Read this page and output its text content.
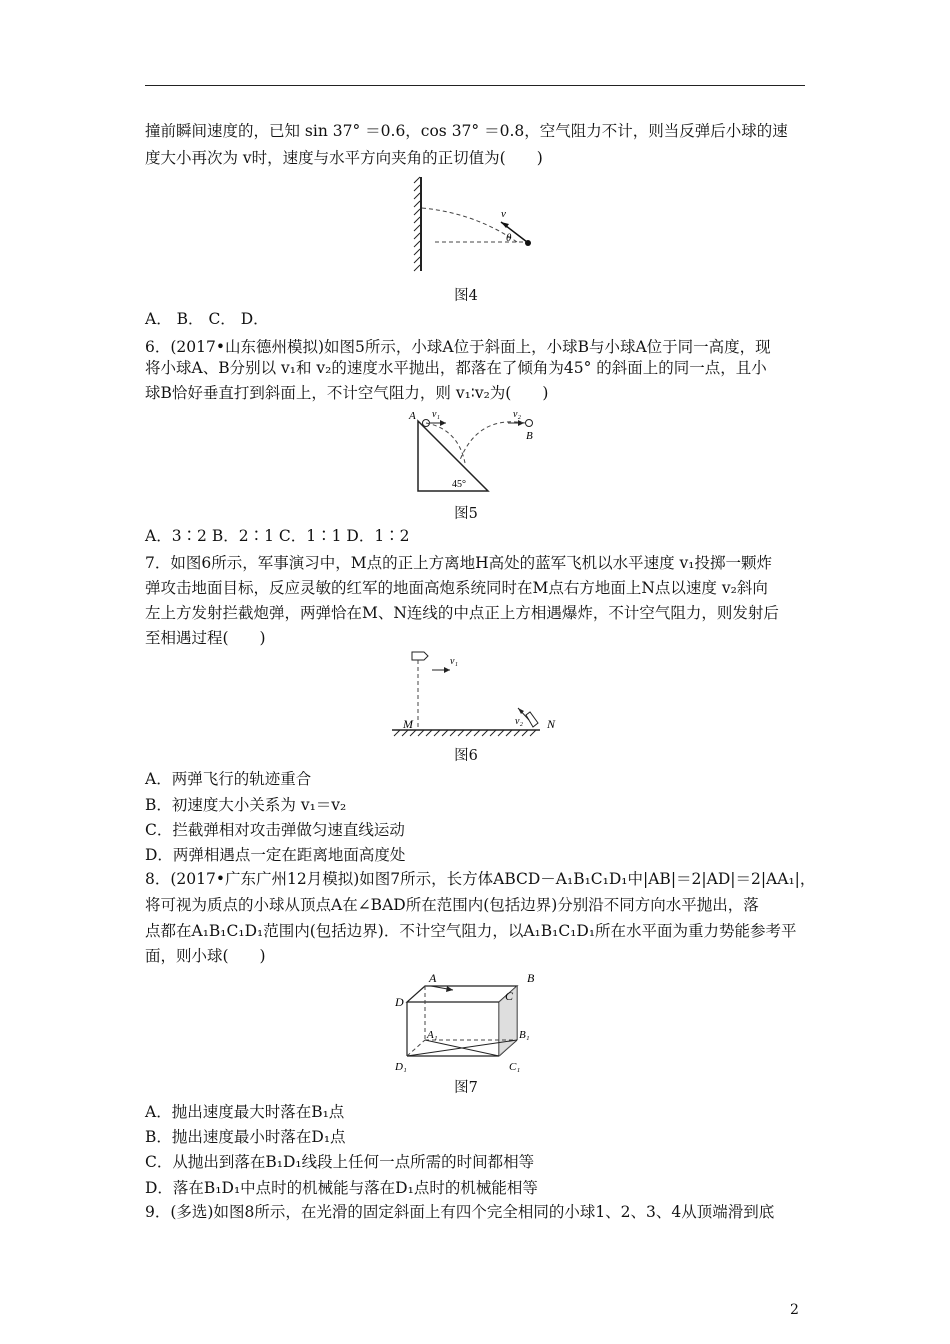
撞前瞬间速度的，已知 sin 37° ＝0.6，cos 37° ＝0.8，空气阻力不计，则当反弹后小球的速
度大小再次为 v时，速度与水平方向夹角的正切值为(　　)
v
θ
图4
A． B． C． D．
6．(2017•山东德州模拟)如图5所示，小球A位于斜面上，小球B与小球A位于同一高度，现
将小球A、B分别以 v₁和 v₂的速度水平抛出，都落在了倾角为45° 的斜面上的同一点，且小
球B恰好垂直打到斜面上，不计空气阻力，则 v₁∶v₂为(　　)
A
B
v₁	v₂
45°
图5
A．3∶2 B．2∶1 C．1∶1 D．1∶2
7．如图6所示，军事演习中，M点的正上方离地H高处的蓝军飞机以水平速度 v₁投掷一颗炸
弹攻击地面目标，反应灵敏的红军的地面高炮系统同时在M点右方地面上N点以速度 v₂斜向
左上方发射拦截炮弹，两弹恰在M、N连线的中点正上方相遇爆炸，不计空气阻力，则发射后
至相遇过程(　　)
v₁
v₂
M	N
图6
A．两弹飞行的轨迹重合
B．初速度大小关系为 v₁＝v₂
C．拦截弹相对攻击弹做匀速直线运动
D．两弹相遇点一定在距离地面高度处
8．(2017•广东广州12月模拟)如图7所示，长方体ABCD－A₁B₁C₁D₁中|AB|＝2|AD|＝2|AA₁|，
将可视为质点的小球从顶点A在∠BAD所在范围内(包括边界)分别沿不同方向水平抛出，落
点都在A₁B₁C₁D₁范围内(包括边界)．不计空气阻力，以A₁B₁C₁D₁所在水平面为重力势能参考平
面，则小球(　　)
A	B
C
D
A₁	B₁
C₁
D₁
图7
A．抛出速度最大时落在B₁点
B．抛出速度最小时落在D₁点
C．从抛出到落在B₁D₁线段上任何一点所需的时间都相等
D．落在B₁D₁中点时的机械能与落在D₁点时的机械能相等
9．(多选)如图8所示，在光滑的固定斜面上有四个完全相同的小球1、2、3、4从顶端滑到底
2
